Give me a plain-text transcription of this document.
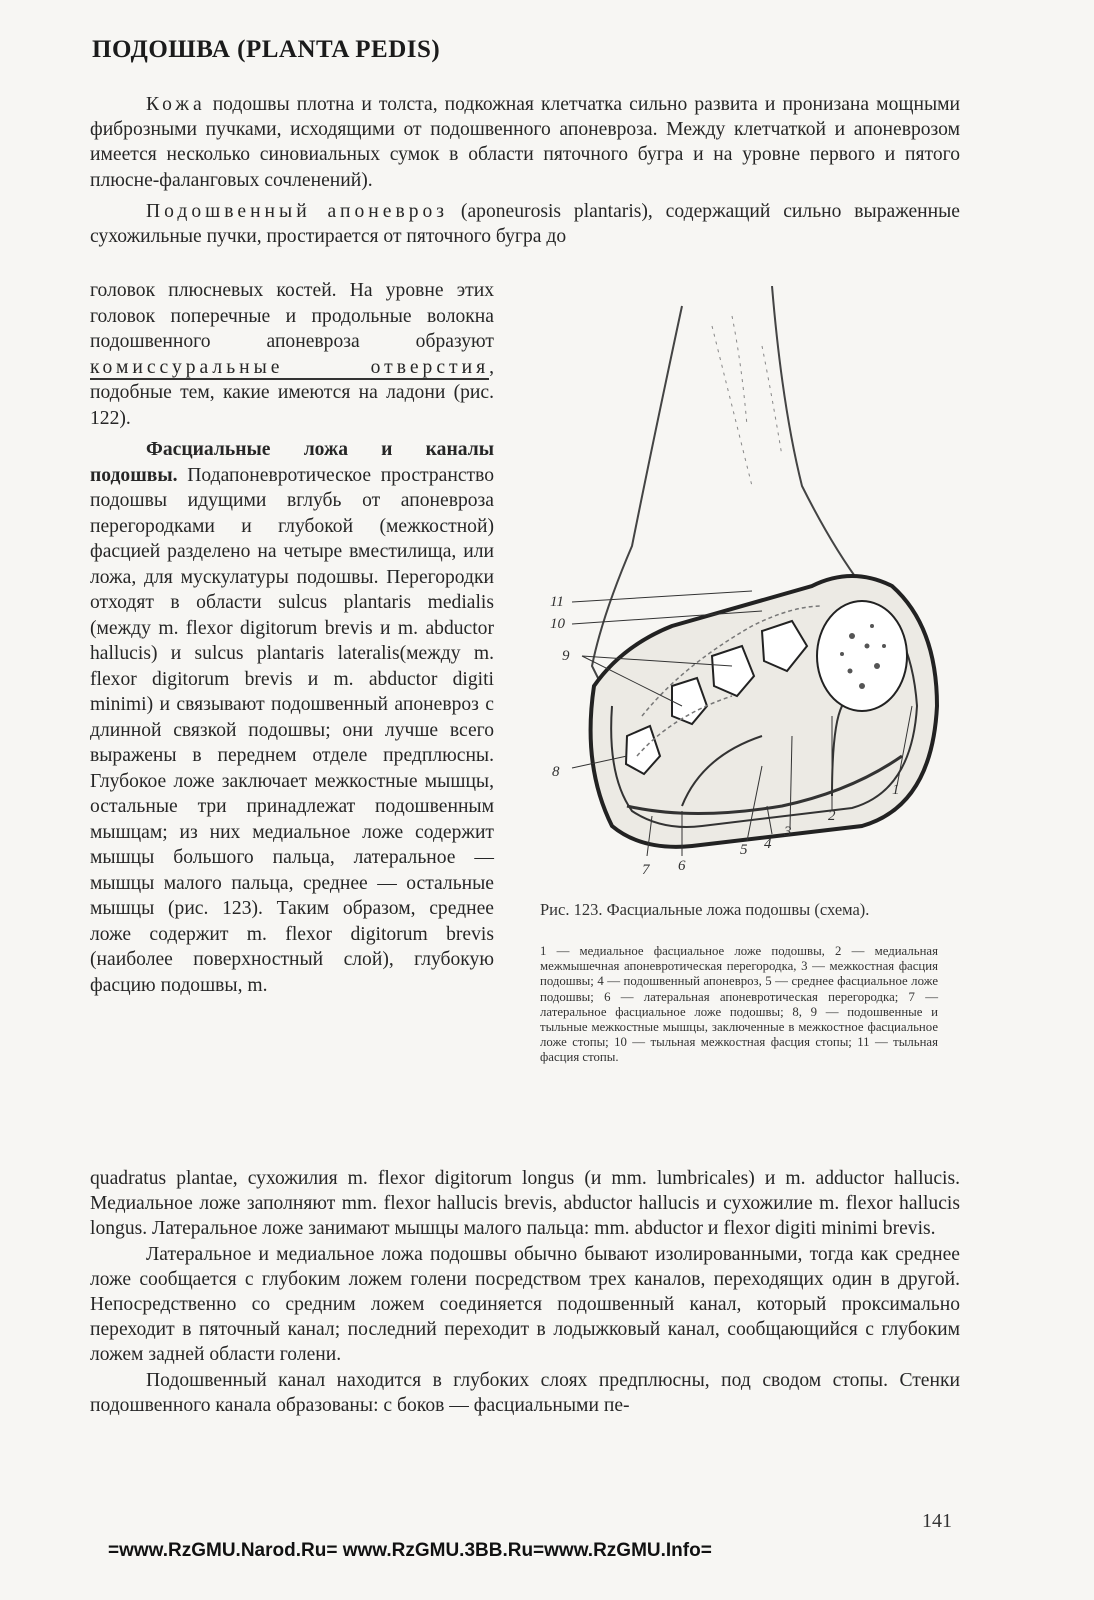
ПОДОШВА (PLANTA PEDIS)

Кожа подошвы плотна и толста, подкожная клетчатка сильно развита и пронизана мощными фиброзными пучками, исходящими от подошвенного апоневроза. Между клетчаткой и апоневрозом имеется несколько синовиальных сумок в области пяточного бугра и на уровне первого и пятого плюсне-фаланговых сочленений).

Подошвенный апоневроз (aponeurosis plantaris), содержащий сильно выраженные сухожильные пучки, простирается от пяточного бугра до

головок плюсневых костей. На уровне этих головок поперечные и продольные волокна подошвенного апоневроза образуют комиссуральные отверстия, подобные тем, какие имеются на ладони (рис. 122).

Фасциальные ложа и каналы подошвы. Подапоневротическое пространство подошвы идущими вглубь от апоневроза перегородками и глубокой (межкостной) фасцией разделено на четыре вместилища, или ложа, для мускулатуры подошвы. Перегородки отходят в области sulcus plantaris medialis (между m. flexor digitorum brevis и m. abductor hallucis) и sulcus plantaris lateralis(между m. flexor digitorum brevis и m. abductor digiti minimi) и связывают подошвенный апоневроз с длинной связкой подошвы; они лучше всего выражены в переднем отделе предплюсны. Глубокое ложе заключает межкостные мышцы, остальные три принадлежат подошвенным мышцам; из них медиальное ложе содержит мышцы большого пальца, латеральное — мышцы малого пальца, среднее — остальные мышцы (рис. 123). Таким образом, среднее ложе содержит m. flexor digitorum brevis (наиболее поверхностный слой), глубокую фасцию подошвы, m.

11
10
9
8
7 6
5 4
3
2
1
Рис. 123. Фасциальные ложа подошвы (схема).
1 — медиальное фасциальное ложе подошвы, 2 — медиальная межмышечная апоневротическая перегородка, 3 — межкостная фасция подошвы; 4 — подошвенный апоневроз, 5 — среднее фасциальное ложе подошвы; 6 — латеральная апоневротическая перегородка; 7 — латеральное фасциальное ложе подошвы; 8, 9 — подошвенные и тыльные межкостные мышцы, заключенные в межкостное фасциальное ложе стопы; 10 — тыльная межкостная фасция стопы; 11 — тыльная фасция стопы.

quadratus plantae, сухожилия m. flexor digitorum longus (и mm. lumbricales) и m. adductor hallucis. Медиальное ложе заполняют mm. flexor hallucis brevis, abductor hallucis и сухожилие m. flexor hallucis longus. Латеральное ложе занимают мышцы малого пальца: mm. abductor и flexor digiti minimi brevis.

Латеральное и медиальное ложа подошвы обычно бывают изолированными, тогда как среднее ложе сообщается с глубоким ложем голени посредством трех каналов, переходящих один в другой. Непосредственно со средним ложем соединяется подошвенный канал, который проксимально переходит в пяточный канал; последний переходит в лодыжковый канал, сообщающийся с глубоким ложем задней области голени.

Подошвенный канал находится в глубоких слоях предплюсны, под сводом стопы. Стенки подошвенного канала образованы: с боков — фасциальными пе-

141
=www.RzGMU.Narod.Ru= www.RzGMU.3BB.Ru=www.RzGMU.Info=
